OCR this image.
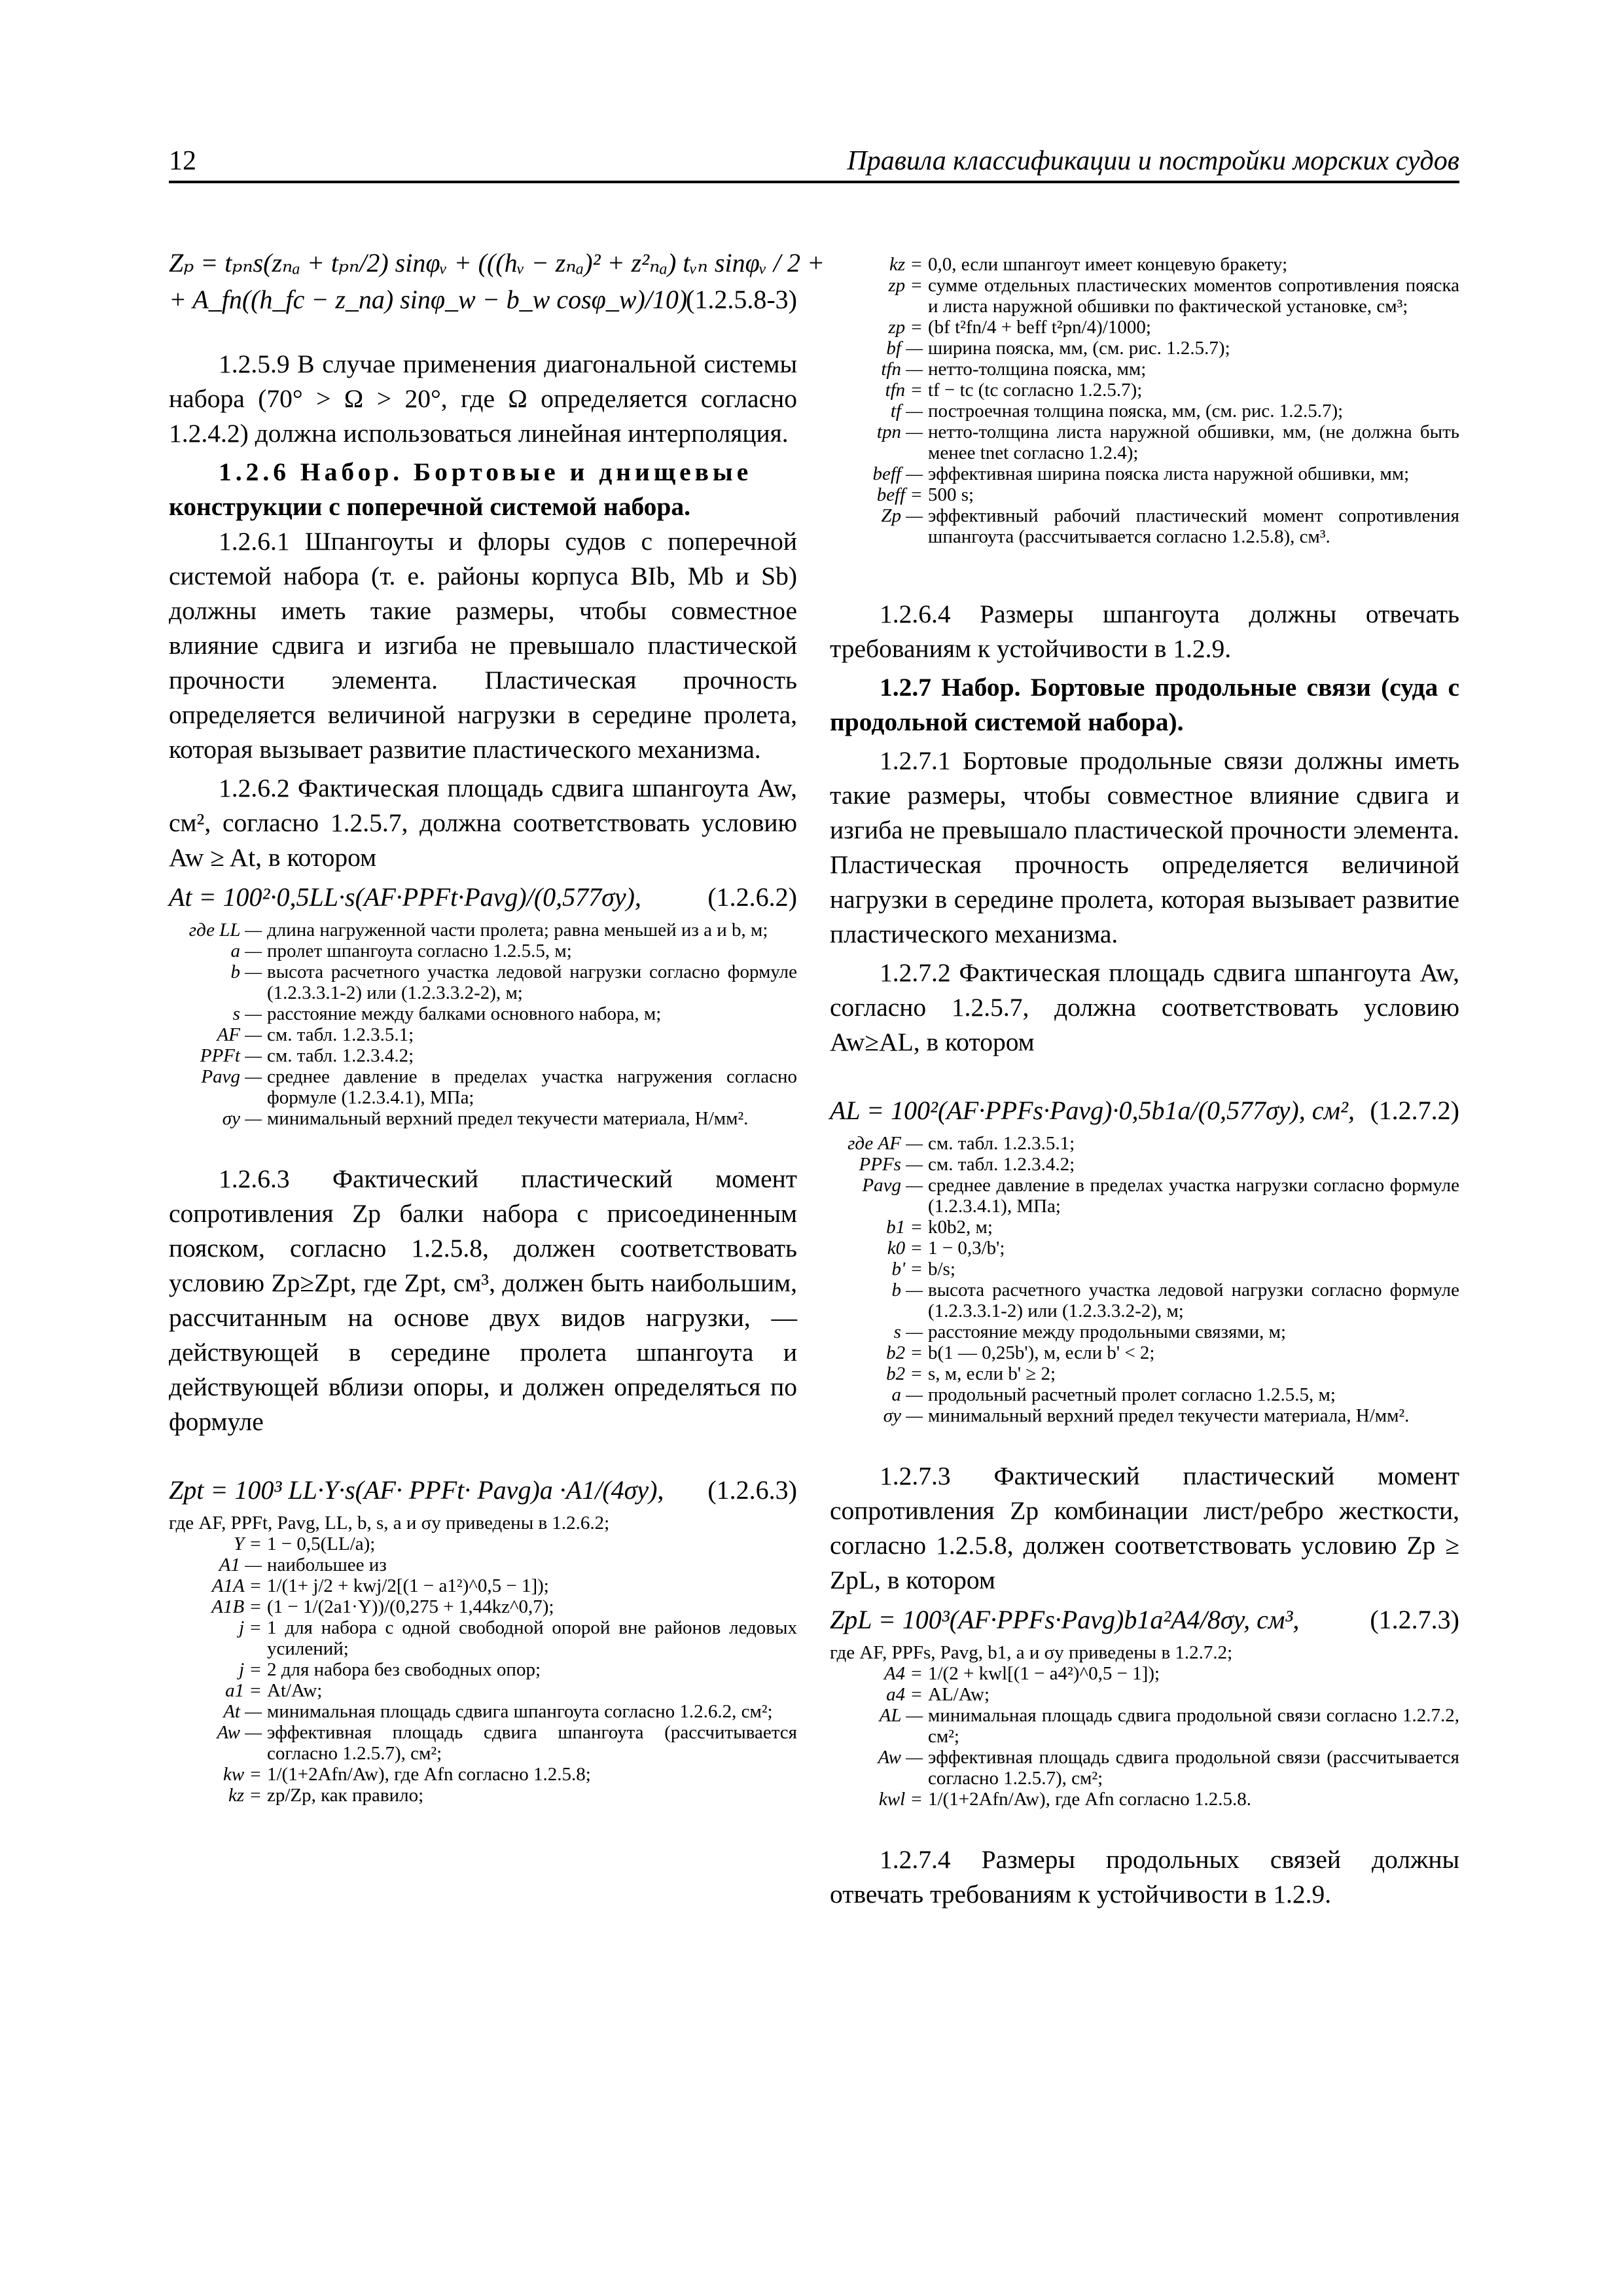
12	Правила классификации и постройки морских судов
Zₚ = tₚₙs(zₙₐ + tₚₙ/2) sinφᵥ + (((hᵥ − zₙₐ)² + z²ₙₐ) tᵥₙ sinφᵥ / 2 +
+ A_fn((h_fc − z_na) sinφ_w − b_w cosφ_w)/10)
(1.2.5.8-3)

1.2.5.9 В случае применения диагональной системы набора (70° > Ω > 20°, где Ω определяется согласно 1.2.4.2) должна использоваться линейная интерполяция.

1.2.6 Набор. Бортовые и днищевые

конструкции с поперечной системой набора.

1.2.6.1 Шпангоуты и флоры судов с поперечной системой набора (т. е. районы корпуса BIb, Mb и Sb) должны иметь такие размеры, чтобы совместное влияние сдвига и изгиба не превышало пластической прочности элемента. Пластическая прочность определяется величиной нагрузки в середине пролета, которая вызывает развитие пластического механизма.

1.2.6.2 Фактическая площадь сдвига шпангоута Aw, см², согласно 1.2.5.7, должна соответствовать условию Aw ≥ At, в котором

At = 100²·0,5LL·s(AF·PPFt·Pavg)/(0,577σy),	(1.2.6.2)
где LL — длина нагруженной части пролета; равна меньшей из a и b, м;
a — пролет шпангоута согласно 1.2.5.5, м;
b — высота расчетного участка ледовой нагрузки согласно формуле (1.2.3.3.1-2) или (1.2.3.3.2-2), м;
s — расстояние между балками основного набора, м;
AF — см. табл. 1.2.3.5.1;
PPFt — см. табл. 1.2.3.4.2;
Pavg — среднее давление в пределах участка нагружения согласно формуле (1.2.3.4.1), МПа;
σy — минимальный верхний предел текучести материала, Н/мм².

1.2.6.3 Фактический пластический момент сопротивления Zp балки набора с присоединенным пояском, согласно 1.2.5.8, должен соответствовать условию Zp≥Zpt, где Zpt, см³, должен быть наибольшим, рассчитанным на основе двух видов нагрузки, — действующей в середине пролета шпангоута и действующей вблизи опоры, и должен определяться по формуле

Zpt = 100³ LL·Y·s(AF· PPFt· Pavg)a ·A1/(4σy), (1.2.6.3)
где AF, PPFt, Pavg, LL, b, s, a и σy приведены в 1.2.6.2;
Y = 1 − 0,5(LL/a);
A1 — наибольшее из
A1A = 1/(1+ j/2 + kwj/2[(1 − a1²)^0,5 − 1]);
A1B = (1 − 1/(2a1·Y))/(0,275 + 1,44kz^0,7);
j = 1 для набора с одной свободной опорой вне районов ледовых усилений;
j = 2 для набора без свободных опор;
a1 = At/Aw;
At — минимальная площадь сдвига шпангоута согласно 1.2.6.2, см²;
Aw — эффективная площадь сдвига шпангоута (рассчитывается согласно 1.2.5.7), см²;
kw = 1/(1+2Afn/Aw), где Afn согласно 1.2.5.8;
kz = zp/Zp, как правило;
kz = 0,0, если шпангоут имеет концевую бракету;
zp = сумме отдельных пластических моментов сопротивления пояска и листа наружной обшивки по фактической установке, см³;
zp = (bf t²fn/4 + beff t²pn/4)/1000;
bf — ширина пояска, мм, (см. рис. 1.2.5.7);
tfn — нетто-толщина пояска, мм;
tfn = tf − tc (tc согласно 1.2.5.7);
tf — построечная толщина пояска, мм, (см. рис. 1.2.5.7);
tpn — нетто-толщина листа наружной обшивки, мм, (не должна быть менее tnet согласно 1.2.4);
beff — эффективная ширина пояска листа наружной обшивки, мм;
beff = 500 s;
Zp — эффективный рабочий пластический момент сопротивления шпангоута (рассчитывается согласно 1.2.5.8), см³.

1.2.6.4 Размеры шпангоута должны отвечать требованиям к устойчивости в 1.2.9.

1.2.7 Набор. Бортовые продольные связи (суда с продольной системой набора).

1.2.7.1 Бортовые продольные связи должны иметь такие размеры, чтобы совместное влияние сдвига и изгиба не превышало пластической прочности элемента. Пластическая прочность определяется величиной нагрузки в середине пролета, которая вызывает развитие пластического механизма.

1.2.7.2 Фактическая площадь сдвига шпангоута Aw, согласно 1.2.5.7, должна соответствовать условию Aw≥AL, в котором

AL = 100²(AF·PPFs·Pavg)·0,5b1a/(0,577σy), см², (1.2.7.2)
где AF — см. табл. 1.2.3.5.1;
PPFs — см. табл. 1.2.3.4.2;
Pavg — среднее давление в пределах участка нагрузки согласно формуле (1.2.3.4.1), МПа;
b1 = k0b2, м;
k0 = 1 − 0,3/b';
b' = b/s;
b — высота расчетного участка ледовой нагрузки согласно формуле (1.2.3.3.1-2) или (1.2.3.3.2-2), м;
s — расстояние между продольными связями, м;
b2 = b(1 — 0,25b'), м, если b' < 2;
b2 = s, м, если b' ≥ 2;
a — продольный расчетный пролет согласно 1.2.5.5, м;
σy — минимальный верхний предел текучести материала, Н/мм².

1.2.7.3 Фактический пластический момент сопротивления Zp комбинации лист/ребро жесткости, согласно 1.2.5.8, должен соответствовать условию Zp ≥ ZpL, в котором

ZpL = 100³(AF·PPFs·Pavg)b1a²A4/8σy, см³,	(1.2.7.3)
где AF, PPFs, Pavg, b1, a и σy приведены в 1.2.7.2;
A4 = 1/(2 + kwl[(1 − a4²)^0,5 − 1]);
a4 = AL/Aw;
AL — минимальная площадь сдвига продольной связи согласно 1.2.7.2, см²;
Aw — эффективная площадь сдвига продольной связи (рассчитывается согласно 1.2.5.7), см²;
kwl = 1/(1+2Afn/Aw), где Afn согласно 1.2.5.8.

1.2.7.4 Размеры продольных связей должны отвечать требованиям к устойчивости в 1.2.9.
